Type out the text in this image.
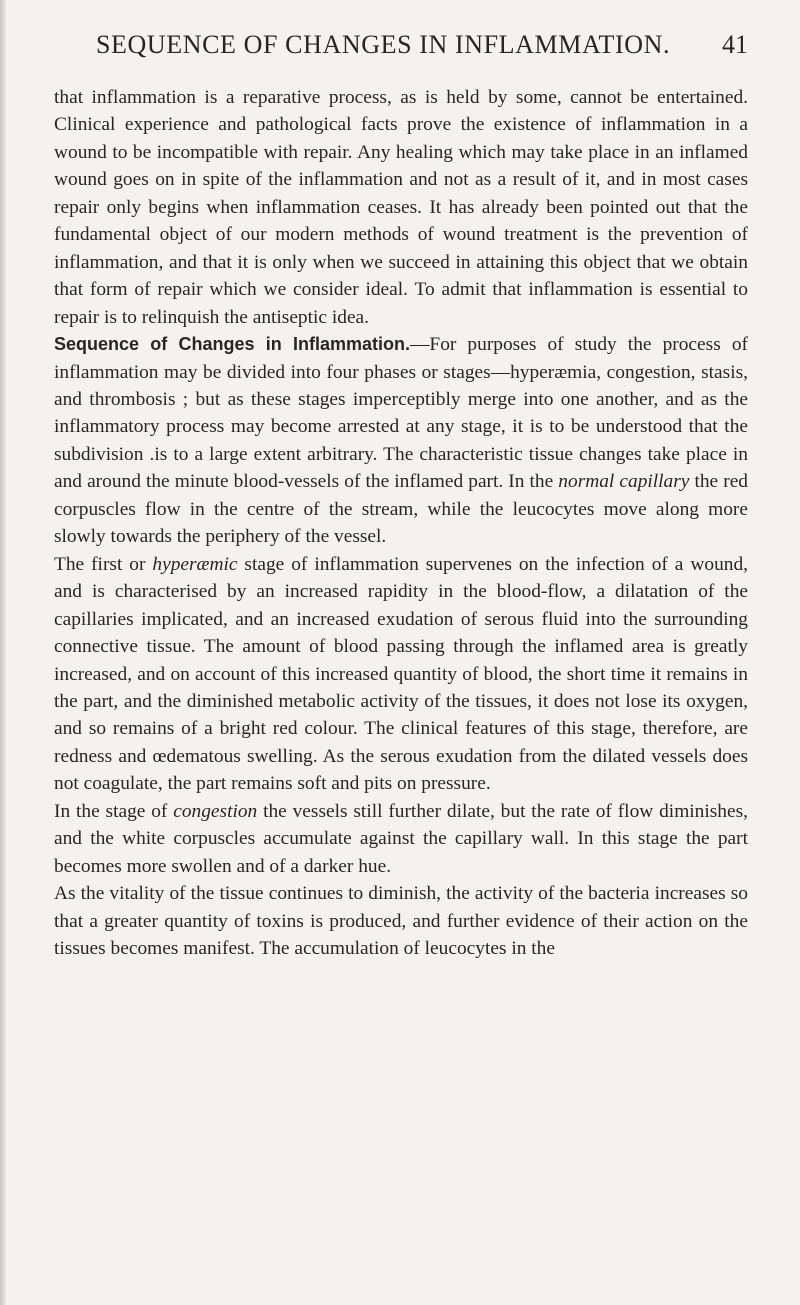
SEQUENCE OF CHANGES IN INFLAMMATION.	41

that inflammation is a reparative process, as is held by some, cannot be entertained. Clinical experience and pathological facts prove the existence of inflammation in a wound to be incompatible with repair. Any healing which may take place in an inflamed wound goes on in spite of the inflammation and not as a result of it, and in most cases repair only begins when inflammation ceases. It has already been pointed out that the fundamental object of our modern methods of wound treatment is the prevention of inflammation, and that it is only when we succeed in attaining this object that we obtain that form of repair which we consider ideal. To admit that inflammation is essential to repair is to relinquish the antiseptic idea.

Sequence of Changes in Inflammation.—For purposes of study the process of inflammation may be divided into four phases or stages—hyperæmia, congestion, stasis, and thrombosis ; but as these stages imperceptibly merge into one another, and as the inflammatory process may become arrested at any stage, it is to be understood that the subdivision .is to a large extent arbitrary. The characteristic tissue changes take place in and around the minute blood-vessels of the inflamed part. In the normal capillary the red corpuscles flow in the centre of the stream, while the leucocytes move along more slowly towards the periphery of the vessel.

The first or hyperæmic stage of inflammation supervenes on the infection of a wound, and is characterised by an increased rapidity in the blood-flow, a dilatation of the capillaries implicated, and an increased exudation of serous fluid into the surrounding connective tissue. The amount of blood passing through the inflamed area is greatly increased, and on account of this increased quantity of blood, the short time it remains in the part, and the diminished metabolic activity of the tissues, it does not lose its oxygen, and so remains of a bright red colour. The clinical features of this stage, therefore, are redness and œdematous swelling. As the serous exudation from the dilated vessels does not coagulate, the part remains soft and pits on pressure.

In the stage of congestion the vessels still further dilate, but the rate of flow diminishes, and the white corpuscles accumulate against the capillary wall. In this stage the part becomes more swollen and of a darker hue.

As the vitality of the tissue continues to diminish, the activity of the bacteria increases so that a greater quantity of toxins is produced, and further evidence of their action on the tissues becomes manifest. The accumulation of leucocytes in the
